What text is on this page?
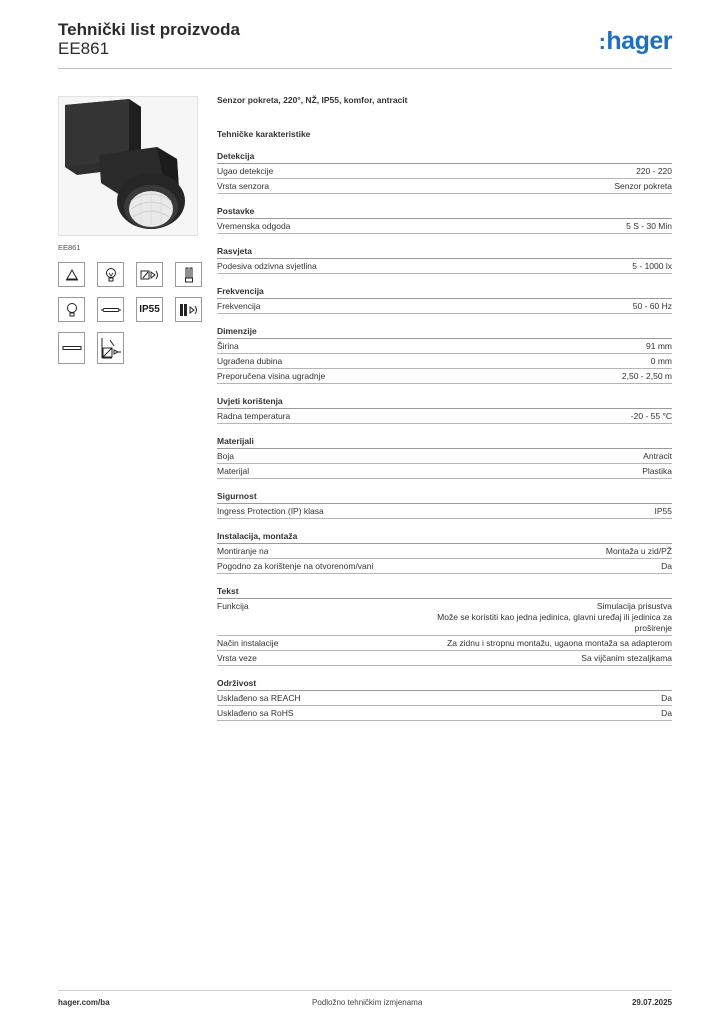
Tehnički list proizvoda
EE861	:hager
EE861
IP55
Senzor pokreta, 220°, NŽ, IP55, komfor, antracit
Tehničke karakteristike
Detekcija
Ugao detekcije	220 - 220
Vrsta senzora	Senzor pokreta
Postavke
Vremenska odgoda	5 S - 30 Min
Rasvjeta
Podesiva odzivna svjetlina	5 - 1000 lx
Frekvencija
Frekvencija	50 - 60 Hz
Dimenzije
Širina	91 mm
Ugrađena dubina	0 mm
Preporučena visina ugradnje	2,50 - 2,50 m
Uvjeti korištenja
Radna temperatura	-20 - 55 °C
Materijali
Boja	Antracit
Materijal	Plastika
Sigurnost
Ingress Protection (IP) klasa	IP55
Instalacija, montaža
Montiranje na	Montaža u zid/PŽ
Pogodno za korištenje na otvorenom/vani	Da
Tekst
Funkcija	Simulacija prisustva
Može se koristiti kao jedna jedinica, glavni uređaj ili jedinica za proširenje
Način instalacije	Za zidnu i stropnu montažu, ugaona montaža sa adapterom
Vrsta veze	Sa vijčanim stezaljkama
Održivost
Usklađeno sa REACH	Da
Usklađeno sa RoHS	Da
hager.com/ba	Podložno tehničkim izmjenama	29.07.2025
